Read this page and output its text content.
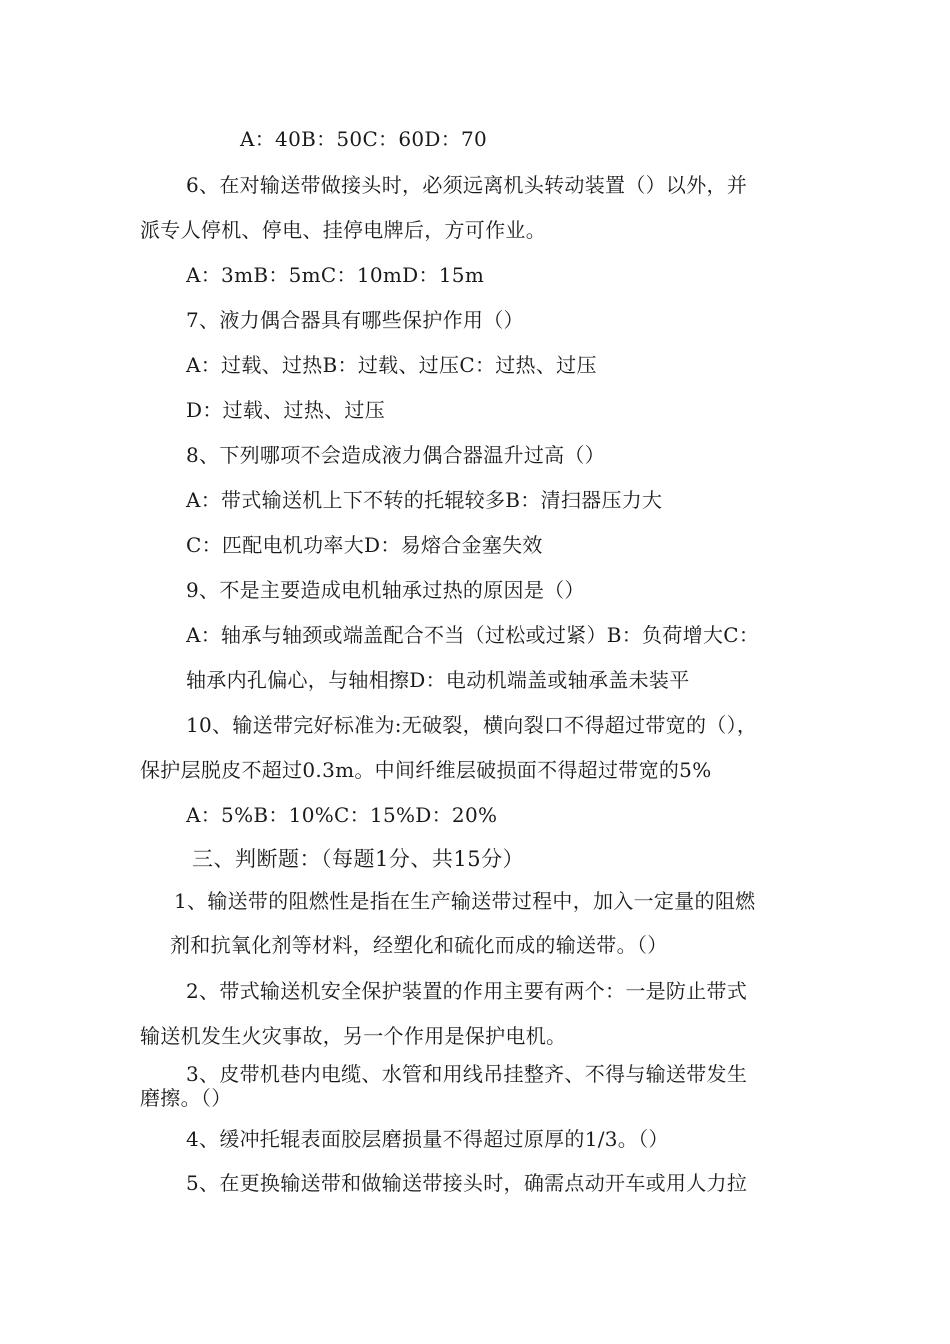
A：40B：50C：60D：70
6、在对输送带做接头时，必须远离机头转动装置（）以外，并
派专人停机、停电、挂停电牌后，方可作业。
A：3mB：5mC：10mD：15m
7、液力偶合器具有哪些保护作用（）
A：过载、过热B：过载、过压C：过热、过压
D：过载、过热、过压
8、下列哪项不会造成液力偶合器温升过高（）
A：带式输送机上下不转的托辊较多B：清扫器压力大
C：匹配电机功率大D：易熔合金塞失效
9、不是主要造成电机轴承过热的原因是（）
A：轴承与轴颈或端盖配合不当（过松或过紧）B：负荷增大C：
轴承内孔偏心，与轴相擦D：电动机端盖或轴承盖未装平
10、输送带完好标准为:无破裂，横向裂口不得超过带宽的（），
保护层脱皮不超过0.3m。中间纤维层破损面不得超过带宽的5%
A：5%B：10%C：15%D：20%
三、判断题：（每题1分、共15分）
1、输送带的阻燃性是指在生产输送带过程中，加入一定量的阻燃
剂和抗氧化剂等材料，经塑化和硫化而成的输送带。（）
2、带式输送机安全保护装置的作用主要有两个：一是防止带式
输送机发生火灾事故，另一个作用是保护电机。
3、皮带机巷内电缆、水管和用线吊挂整齐、不得与输送带发生
磨擦。（）
4、缓冲托辊表面胶层磨损量不得超过原厚的1/3。（）
5、在更换输送带和做输送带接头时，确需点动开车或用人力拉
